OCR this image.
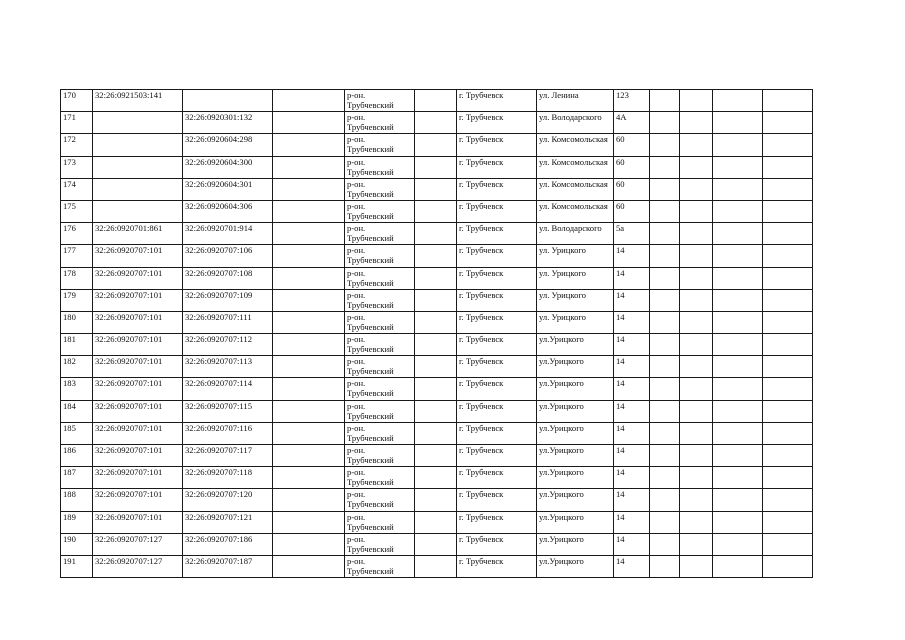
170	32:26:0921503:141			р-он.
Трубчевский		г. Трубчевск	ул. Ленина	123				
171		32:26:0920301:132		р-он.
Трубчевский		г. Трубчевск	ул. Володарского	4А				
172		32:26:0920604:298		р-он.
Трубчевский		г. Трубчевск	ул. Комсомольская	60				
173		32:26:0920604:300		р-он.
Трубчевский		г. Трубчевск	ул. Комсомольская	60				
174		32:26:0920604:301		р-он.
Трубчевский		г. Трубчевск	ул. Комсомольская	60				
175		32:26:0920604:306		р-он.
Трубчевский		г. Трубчевск	ул. Комсомольская	60				
176	32:26:0920701:861	32:26:0920701:914		р-он.
Трубчевский		г. Трубчевск	ул. Володарского	5а				
177	32:26:0920707:101	32:26:0920707:106		р-он.
Трубчевский		г. Трубчевск	ул. Урицкого	14				
178	32:26:0920707:101	32:26:0920707:108		р-он.
Трубчевский		г. Трубчевск	ул. Урицкого	14				
179	32:26:0920707:101	32:26:0920707:109		р-он.
Трубчевский		г. Трубчевск	ул. Урицкого	14				
180	32:26:0920707:101	32:26:0920707:111		р-он.
Трубчевский		г. Трубчевск	ул. Урицкого	14				
181	32:26:0920707:101	32:26:0920707:112		р-он.
Трубчевский		г. Трубчевск	ул.Урицкого	14				
182	32:26:0920707:101	32:26:0920707:113		р-он.
Трубчевский		г. Трубчевск	ул.Урицкого	14				
183	32:26:0920707:101	32:26:0920707:114		р-он.
Трубчевский		г. Трубчевск	ул.Урицкого	14				
184	32:26:0920707:101	32:26:0920707:115		р-он.
Трубчевский		г. Трубчевск	ул.Урицкого	14				
185	32:26:0920707:101	32:26:0920707:116		р-он.
Трубчевский		г. Трубчевск	ул.Урицкого	14				
186	32:26:0920707:101	32:26:0920707:117		р-он.
Трубчевский		г. Трубчевск	ул.Урицкого	14				
187	32:26:0920707:101	32:26:0920707:118		р-он.
Трубчевский		г. Трубчевск	ул.Урицкого	14				
188	32:26:0920707:101	32:26:0920707:120		р-он.
Трубчевский		г. Трубчевск	ул.Урицкого	14				
189	32:26:0920707:101	32:26:0920707:121		р-он.
Трубчевский		г. Трубчевск	ул.Урицкого	14				
190	32:26:0920707:127	32:26:0920707:186		р-он.
Трубчевский		г. Трубчевск	ул.Урицкого	14				
191	32:26:0920707:127	32:26:0920707:187		р-он.
Трубчевский		г. Трубчевск	ул.Урицкого	14				
